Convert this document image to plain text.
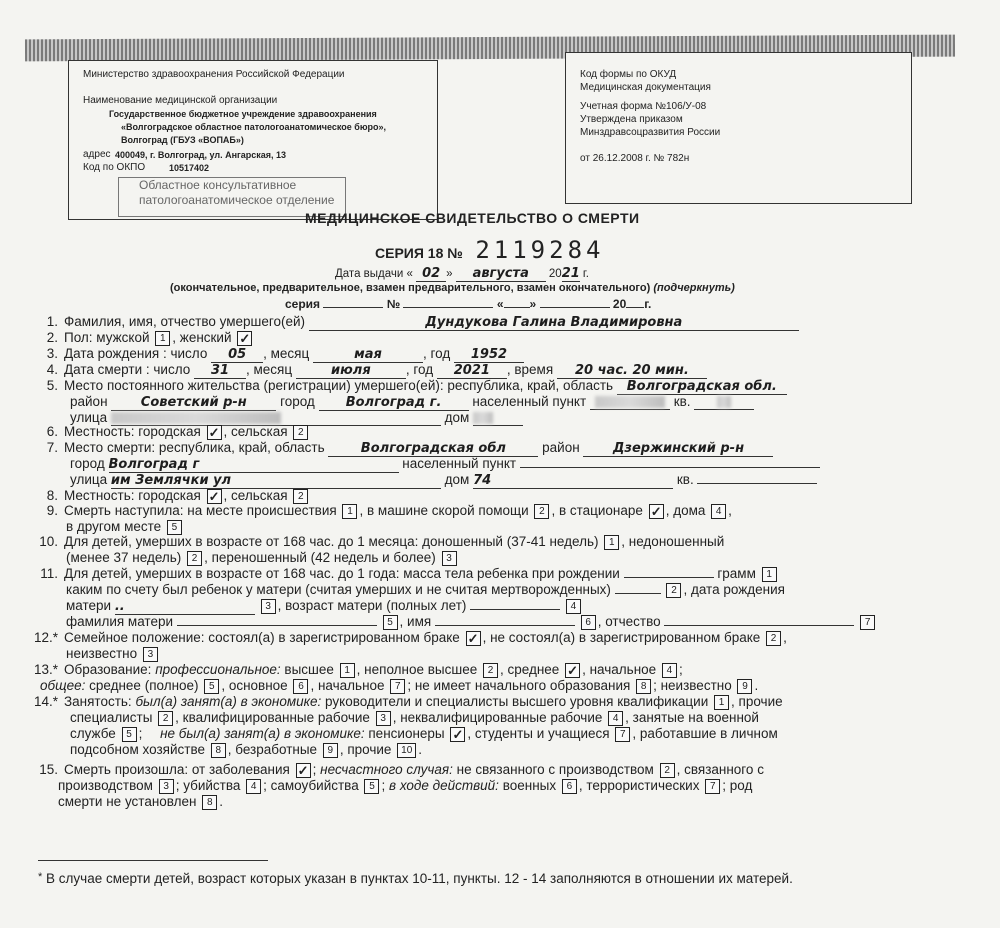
Министерство здравоохранения Российской Федерации
Наименование медицинской организации
Государственное бюджетное учреждение здравоохранения
«Волгоградское областное патологоанатомическое бюро»,
Волгоград (ГБУЗ «ВОПАБ»)
адрес 400049, г. Волгоград, ул. Ангарская, 13
Код по ОКПО	10517402
Областное консультативное
патологоанатомическое отделение
Код формы по ОКУД
Медицинская документация
Учетная форма №106/У-08
Утверждена приказом
Минздравсоцразвития России
от 26.12.2008 г. № 782н
МЕДИЦИНСКОЕ СВИДЕТЕЛЬСТВО О СМЕРТИ
СЕРИЯ 18 № 2119284
Дата выдачи « 02 » августа 2021 г.
(окончательное, предварительное, взамен предварительного, взамен окончательного) (подчеркнуть)
серия	№	« »	20 г.
1. Фамилия, имя, отчество умершего(ей)	Дундукова Галина Владимировна
2. Пол: мужской 1 , женский ✓
3. Дата рождения : число 05 , месяц	мая	, год 1952
4. Дата смерти : число 31 , месяц	июля	, год 2021 , время 20 час. 20 мин.
5. Место постоянного жительства (регистрации) умершего(ей): республика, край, область Волгоградская обл.
район	Советский р-н город Волгоград г. населенный пункт	кв.
улица	дом
6. Местность: городская ✓ , сельская 2
7. Место смерти: республика, край, область	Волгоградская обл	район	Дзержинский р-н
город Волгоград г	населенный пункт
улица им Землячки ул	дом 74	кв.
8. Местность: городская ✓ , сельская 2
9. Смерть наступила: на месте происшествия 1 , в машине скорой помощи 2 , в стационаре ✓ , дома 4 ,
в другом месте 5
10. Для детей, умерших в возрасте от 168 час. до 1 месяца: доношенный (37-41 недель) 1 , недоношенный
(менее 37 недель) 2 , переношенный (42 недель и более) 3
11. Для детей, умерших в возрасте от 168 час. до 1 года: масса тела ребенка при рождении	грамм 1
каким по счету был ребенок у матери (считая умерших и не считая мертворожденных)	2 , дата рождения
матери ..	3 , возраст матери (полных лет)	4
фамилия матери	5 , имя	6 , отчество	7
12.* Семейное положение: состоял(а) в зарегистрированном браке ✓ , не состоял(а) в зарегистрированном браке 2 ,
неизвестно 3
13.* Образование: профессиональное: высшее 1 , неполное высшее 2 , среднее ✓ , начальное 4 ;
общее: среднее (полное) 5 , основное 6 , начальное 7 ; не имеет начального образования 8 ; неизвестно 9 .
14.* Занятость: был(а) занят(а) в экономике: руководители и специалисты высшего уровня квалификации 1 , прочие
специалисты 2 , квалифицированные рабочие 3 , неквалифицированные рабочие 4 , занятые на военной
службе 5 ; не был(а) занят(а) в экономике: пенсионеры ✓ , студенты и учащиеся 7 , работавшие в личном
подсобном хозяйстве 8 , безработные 9 , прочие 10 .
15. Смерть произошла: от заболевания ✓ ; несчастного случая: не связанного с производством 2 , связанного с
производством 3 ; убийства 4 ; самоубийства 5 ; в ходе действий: военных 6 , террористических 7 ; род
смерти не установлен 8 .
* В случае смерти детей, возраст которых указан в пунктах 10-11, пункты. 12 - 14 заполняются в отношении их матерей.
